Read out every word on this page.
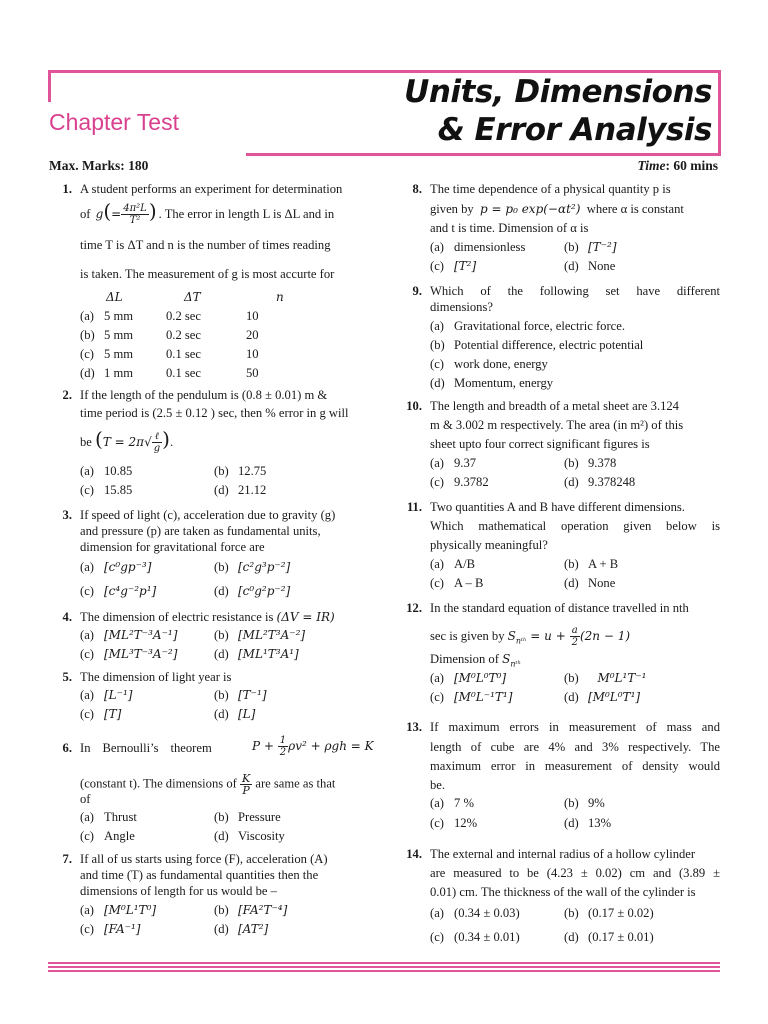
Units, Dimensions
& Error Analysis
Chapter Test
Max. Marks: 180	Time: 60 mins
1. A student performs an experiment for determination
of $g(= \frac{\text{4π²L}}{\text{T²}}$ ) . The error in length L is ΔL and in
time T is ΔT and n is the number of times reading
is taken. The measurement of g is most accurte for
ΔL	ΔT	n
(a) 5 mm	0.2 sec	10
(b) 5 mm	0.2 sec	20
(c) 5 mm	0.1 sec	10
(d) 1 mm	0.1 sec	50
2. If the length of the pendulum is (0.8 ± 0.01) m &
time period is (2.5 ± 0.12 ) sec, then % error in g will
be ($T = 2\pi√ \frac{\text{ℓ}}{g}$ ).
(a) 10.85	(b) 12.75
(c) 15.85	(d) 21.12
3. If speed of light (c), acceleration due to gravity (g)
and pressure (p) are taken as fundamental units,
dimension for gravitational force are
(a) [c⁰gp⁻³]	(b) [c²g³p⁻²]
(c) [c⁴g⁻²p¹]	(d) [c⁰g²p⁻²]
4. The dimension of electric resistance is (ΔV = IR)
(a) [ML²T⁻³A⁻¹]	(b) [ML²T³A⁻²]
(c) [ML³T⁻³A⁻²]	(d) [ML¹T³A¹]
5. The dimension of light year is
(a) [L⁻¹]	(b) [T⁻¹]
(c) [T]	(d) [L]
6. In Bernoulli’s theorem	$P + \frac{1}{2} \rho v^2 + \rho gh = K$
(constant t). The dimensions of $\frac{K}{P}$ are same as that
of
(a) Thrust	(b) Pressure
(c) Angle	(d) Viscosity
7. If all of us starts using force (F), acceleration (A)
and time (T) as fundamental quantities then the
dimensions of length for us would be –
(a) [M⁰L¹T⁰]	(b) [FA²T⁻⁴]
(c) [FA⁻¹]	(d) [AT²]
8. The time dependence of a physical quantity p is
given by p = p₀ exp(−αt²) where α is constant
and t is time. Dimension of α is
(a) dimensionless	(b) [T⁻²]
(c) [T²]	(d) None
9. Which of the following set have different
dimensions?
(a) Gravitational force, electric force.
(b) Potential difference, electric potential
(c) work done, energy
(d) Momentum, energy
10. The length and breadth of a metal sheet are 3.124
m & 3.002 m respectively. The area (in m²) of this
sheet upto four correct significant figures is
(a) 9.37	(b) 9.378
(c) 9.3782	(d) 9.378248
11. Two quantities A and B have different dimensions.
Which mathematical operation given below is
physically meaningful?
(a) A/B	(b) A + B
(c) A – B	(d) None
12. In the standard equation of distance travelled in nth
sec is given by $S_{nᵗʰ} = u + \frac{a}{2} (2n - 1)$
Dimension of $S_{nᵗʰ}$
(a) [M⁰L⁰T⁰]	(b) M⁰L¹T⁻¹
(c) [M⁰L⁻¹T¹]	(d) [M⁰L⁰T¹]
13. If maximum errors in measurement of mass and
length of cube are 4% and 3% respectively. The
maximum error in measurement of density would
be.
(a) 7 %	(b) 9%
(c) 12%	(d) 13%
14. The external and internal radius of a hollow cylinder
are measured to be (4.23 ± 0.02) cm and (3.89 ±
0.01) cm. The thickness of the wall of the cylinder is
(a) (0.34 ± 0.03)	(b) (0.17 ± 0.02)
(c) (0.34 ± 0.01)	(d) (0.17 ± 0.01)
